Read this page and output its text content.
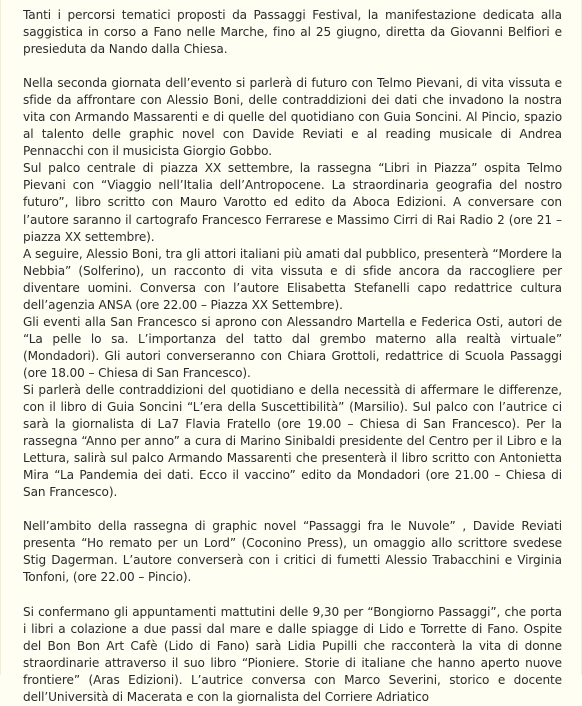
Tanti i percorsi tematici proposti da Passaggi Festival, la manifestazione dedicata alla saggistica in corso a Fano nelle Marche, fino al 25 giugno, diretta da Giovanni Belfiori e presieduta da Nando dalla Chiesa.

Nella seconda giornata dell’evento si parlerà di futuro con Telmo Pievani, di vita vissuta e sfide da affrontare con Alessio Boni, delle contraddizioni dei dati che invadono la nostra vita con Armando Massarenti e di quelle del quotidiano con Guia Soncini. Al Pincio, spazio al talento delle graphic novel con Davide Reviati e al reading musicale di Andrea Pennacchi con il musicista Giorgio Gobbo.

Sul palco centrale di piazza XX settembre, la rassegna “Libri in Piazza” ospita Telmo Pievani con “Viaggio nell’Italia dell’Antropocene. La straordinaria geografia del nostro futuro”, libro scritto con Mauro Varotto ed edito da Aboca Edizioni. A conversare con l’autore saranno il cartografo Francesco Ferrarese e Massimo Cirri di Rai Radio 2 (ore 21 – piazza XX settembre).

A seguire, Alessio Boni, tra gli attori italiani più amati dal pubblico, presenterà “Mordere la Nebbia” (Solferino), un racconto di vita vissuta e di sfide ancora da raccogliere per diventare uomini. Conversa con l’autore Elisabetta Stefanelli capo redattrice cultura dell’agenzia ANSA (ore 22.00 – Piazza XX Settembre).

Gli eventi alla San Francesco si aprono con Alessandro Martella e Federica Osti, autori de “La pelle lo sa. L’importanza del tatto dal grembo materno alla realtà virtuale” (Mondadori). Gli autori converseranno con Chiara Grottoli, redattrice di Scuola Passaggi (ore 18.00 – Chiesa di San Francesco).

Si parlerà delle contraddizioni del quotidiano e della necessità di affermare le differenze, con il libro di Guia Soncini “L’era della Suscettibilità” (Marsilio). Sul palco con l’autrice ci sarà la giornalista di La7 Flavia Fratello (ore 19.00 – Chiesa di San Francesco). Per la rassegna “Anno per anno” a cura di Marino Sinibaldi presidente del Centro per il Libro e la Lettura, salirà sul palco Armando Massarenti che presenterà il libro scritto con Antonietta Mira “La Pandemia dei dati. Ecco il vaccino” edito da Mondadori (ore 21.00 – Chiesa di San Francesco).

Nell’ambito della rassegna di graphic novel “Passaggi fra le Nuvole” , Davide Reviati presenta “Ho remato per un Lord” (Coconino Press), un omaggio allo scrittore svedese Stig Dagerman. L’autore converserà con i critici di fumetti Alessio Trabacchini e Virginia Tonfoni, (ore 22.00 – Pincio).

Si confermano gli appuntamenti mattutini delle 9,30 per “Bongiorno Passaggi”, che porta i libri a colazione a due passi dal mare e dalle spiagge di Lido e Torrette di Fano. Ospite del Bon Bon Art Cafè (Lido di Fano) sarà Lidia Pupilli che racconterà la vita di donne straordinarie attraverso il suo libro “Pioniere. Storie di italiane che hanno aperto nuove frontiere” (Aras Edizioni). L’autrice conversa con Marco Severini, storico e docente dell’Università di Macerata e con la giornalista del Corriere Adriatico
